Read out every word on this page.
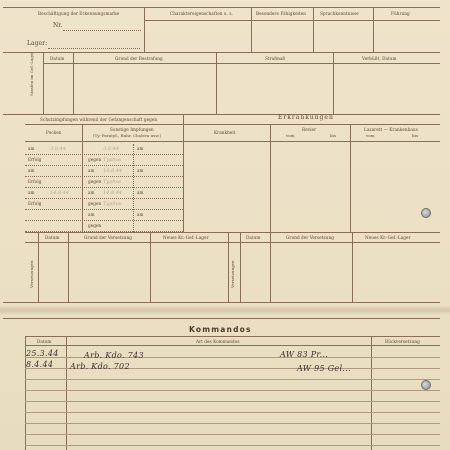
Beschäftigung der Erkennungsmarke
Nr.
Charaktereigenschaften u. s.	Besondere Fähigkeiten	Sprachkenntnisse	Führung
Lager:
Strafen im Gef.-Lager	Datum	Grund der Bestrafung	Strafmaß	Verbüßt, Datum
Schutzimpfungen während der Gefangenschaft gegen	Erkrankungen
Pocken
Sonstige Impfungen
(Ty.-Paratyf., Ruhr, Cholera usw.)
Krankheit
Revier
vom	bis
Lazarett — Krankenhaus
vom	bis
am	3.8.44	3.8.44	am
Erfolg	gegen Typhus
am	am 14.8.44	am
Erfolg	gegen Typhus
am	14.8.44	am 14.8.44	am
Erfolg	gegen Typhus
am	am
gegen
Versetzungen	Versetzungen
Datum	Grund der Versetzung	Neues Kr.-Gef.-Lager	Datum	Grund der Versetzung	Neues Kr.-Gef.-Lager
Kommandos
Datum	Art des Kommandos	Rückversetzung
25.3.44	Arb. Kdo. 743	AW 83 Pr...
8.4.44 Arb. Kdo. 702	AW 95 Gel...
